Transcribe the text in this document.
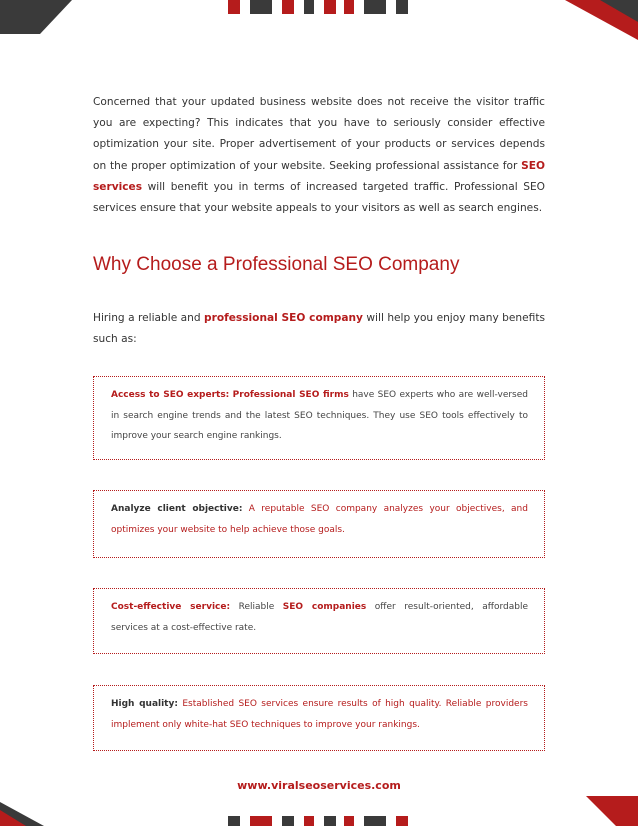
Concerned that your updated business website does not receive the visitor traffic you are expecting? This indicates that you have to seriously consider effective optimization your site. Proper advertisement of your products or services depends on the proper optimization of your website. Seeking professional assistance for SEO services will benefit you in terms of increased targeted traffic. Professional SEO services ensure that your website appeals to your visitors as well as search engines.

Why Choose a Professional SEO Company

Hiring a reliable and professional SEO company will help you enjoy many benefits such as:

Access to SEO experts: Professional SEO firms have SEO experts who are well-versed in search engine trends and the latest SEO techniques. They use SEO tools effectively to improve your search engine rankings.
Analyze client objective: A reputable SEO company analyzes your objectives, and optimizes your website to help achieve those goals.
Cost-effective service: Reliable SEO companies offer result-oriented, affordable services at a cost-effective rate.
High quality: Established SEO services ensure results of high quality. Reliable providers implement only white-hat SEO techniques to improve your rankings.
www.viralseoservices.com
